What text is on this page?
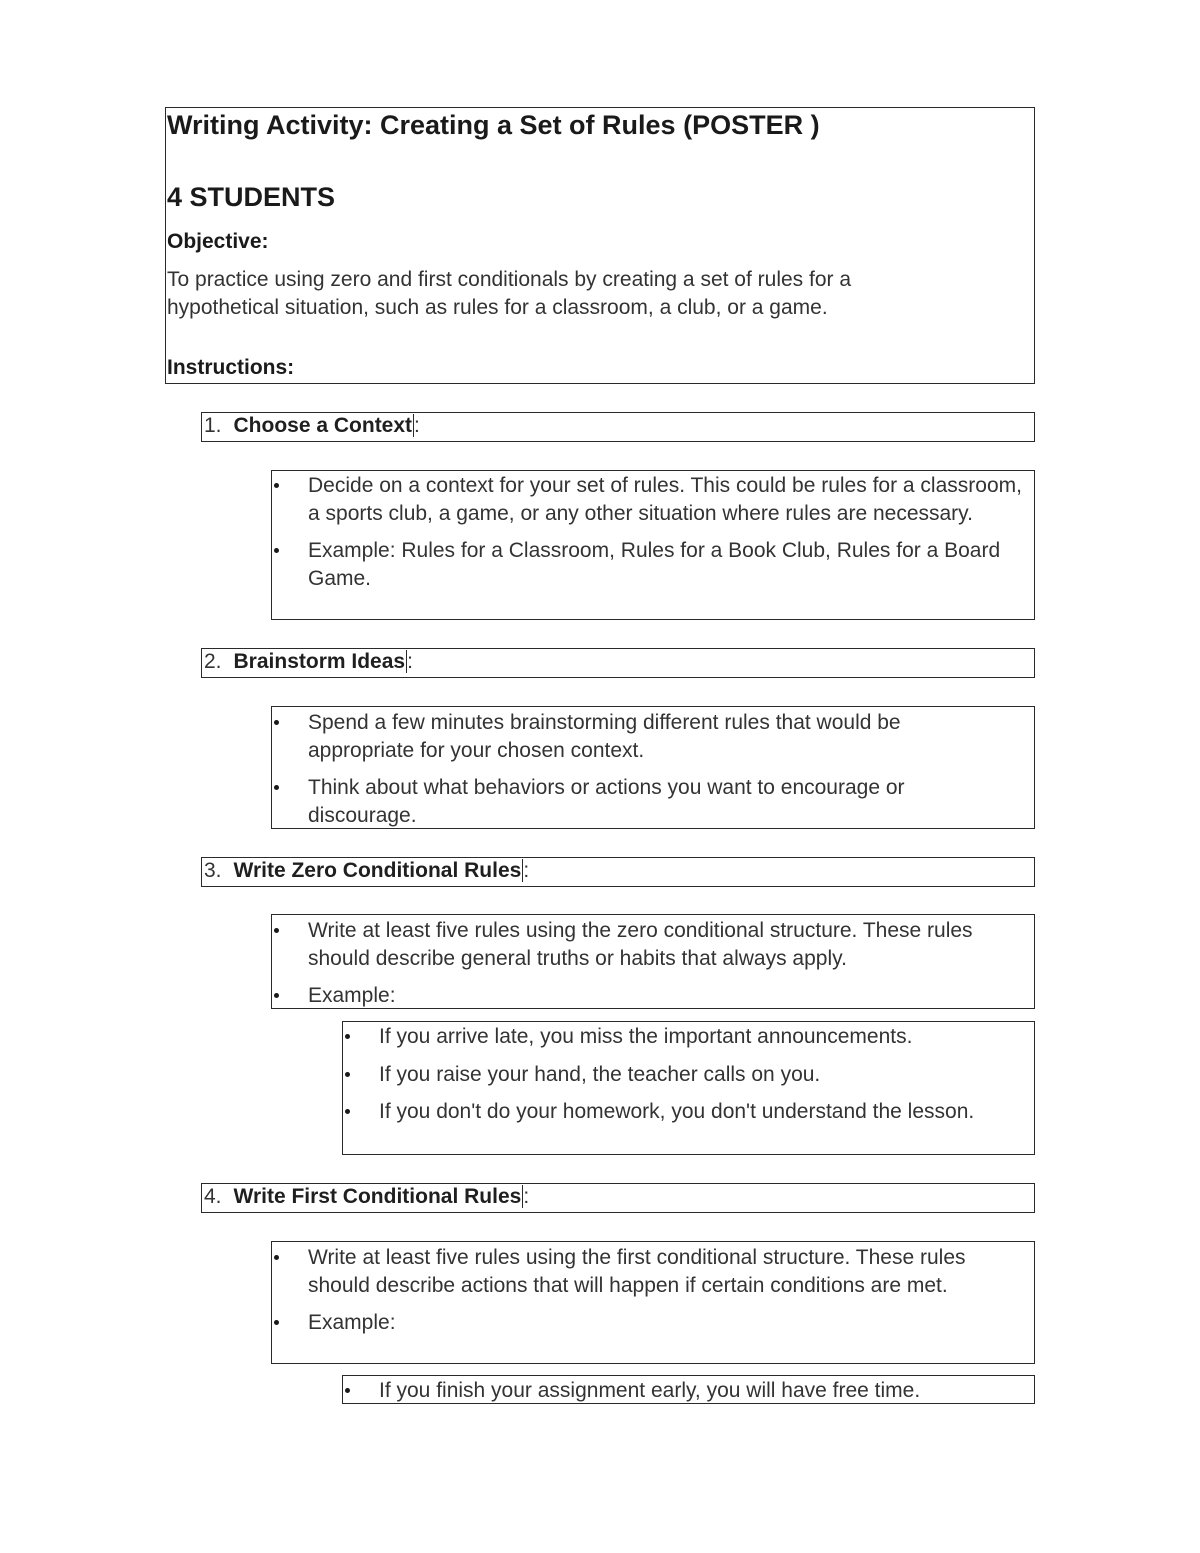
Writing Activity: Creating a Set of Rules (POSTER )
4 STUDENTS
Objective:
To practice using zero and first conditionals by creating a set of rules for a hypothetical situation, such as rules for a classroom, a club, or a game.
Instructions:
1. Choose a Context:
Decide on a context for your set of rules. This could be rules for a classroom, a sports club, a game, or any other situation where rules are necessary.
Example: Rules for a Classroom, Rules for a Book Club, Rules for a Board Game.
2. Brainstorm Ideas:
Spend a few minutes brainstorming different rules that would be appropriate for your chosen context.
Think about what behaviors or actions you want to encourage or discourage.
3. Write Zero Conditional Rules:
Write at least five rules using the zero conditional structure. These rules should describe general truths or habits that always apply.
Example:
If you arrive late, you miss the important announcements.
If you raise your hand, the teacher calls on you.
If you don't do your homework, you don't understand the lesson.
4. Write First Conditional Rules:
Write at least five rules using the first conditional structure. These rules should describe actions that will happen if certain conditions are met.
Example:
If you finish your assignment early, you will have free time.
